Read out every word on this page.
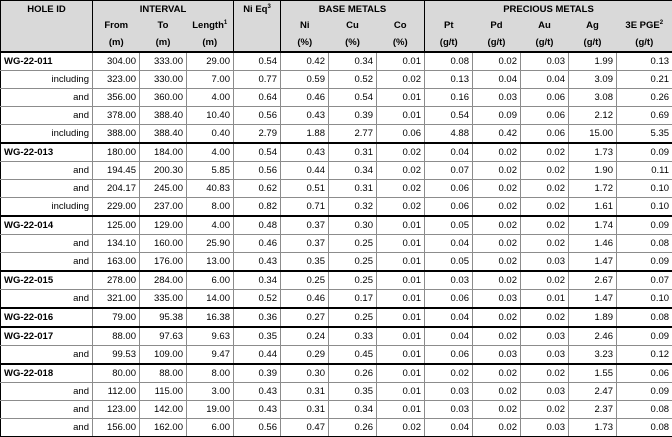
HOLE ID	INTERVAL			Ni Eq$^3$	BASE METALS			PRECIOUS METALS				
	From	To	Length$^1$		Ni	Cu	Co	Pt	Pd	Au	Ag	3E PGE$^2$
	(m)	(m)	(m)		(%)	(%)	(%)	(g/t)	(g/t)	(g/t)	(g/t)	(g/t)
WG-22-011	304.00	333.00	29.00	0.54	0.42	0.34	0.01	0.08	0.02	0.03	1.99	0.13
including	323.00	330.00	7.00	0.77	0.59	0.52	0.02	0.13	0.04	0.04	3.09	0.21
and	356.00	360.00	4.00	0.64	0.46	0.54	0.01	0.16	0.03	0.06	3.08	0.26
and	378.00	388.40	10.40	0.56	0.43	0.39	0.01	0.54	0.09	0.06	2.12	0.69
including	388.00	388.40	0.40	2.79	1.88	2.77	0.06	4.88	0.42	0.06	15.00	5.35
WG-22-013	180.00	184.00	4.00	0.54	0.43	0.31	0.02	0.04	0.02	0.02	1.73	0.09
and	194.45	200.30	5.85	0.56	0.44	0.34	0.02	0.07	0.02	0.02	1.90	0.11
and	204.17	245.00	40.83	0.62	0.51	0.31	0.02	0.06	0.02	0.02	1.72	0.10
including	229.00	237.00	8.00	0.82	0.71	0.32	0.02	0.06	0.02	0.02	1.61	0.10
WG-22-014	125.00	129.00	4.00	0.48	0.37	0.30	0.01	0.05	0.02	0.02	1.74	0.09
and	134.10	160.00	25.90	0.46	0.37	0.25	0.01	0.04	0.02	0.02	1.46	0.08
and	163.00	176.00	13.00	0.43	0.35	0.25	0.01	0.05	0.02	0.03	1.47	0.09
WG-22-015	278.00	284.00	6.00	0.34	0.25	0.25	0.01	0.03	0.02	0.02	2.67	0.07
and	321.00	335.00	14.00	0.52	0.46	0.17	0.01	0.06	0.03	0.01	1.47	0.10
WG-22-016	79.00	95.38	16.38	0.36	0.27	0.25	0.01	0.04	0.02	0.02	1.89	0.08
WG-22-017	88.00	97.63	9.63	0.35	0.24	0.33	0.01	0.04	0.02	0.03	2.46	0.09
and	99.53	109.00	9.47	0.44	0.29	0.45	0.01	0.06	0.03	0.03	3.23	0.12
WG-22-018	80.00	88.00	8.00	0.39	0.30	0.26	0.01	0.02	0.02	0.02	1.55	0.06
and	112.00	115.00	3.00	0.43	0.31	0.35	0.01	0.03	0.02	0.03	2.47	0.09
and	123.00	142.00	19.00	0.43	0.31	0.34	0.01	0.03	0.02	0.02	2.37	0.08
and	156.00	162.00	6.00	0.56	0.47	0.26	0.02	0.04	0.02	0.03	1.73	0.08
